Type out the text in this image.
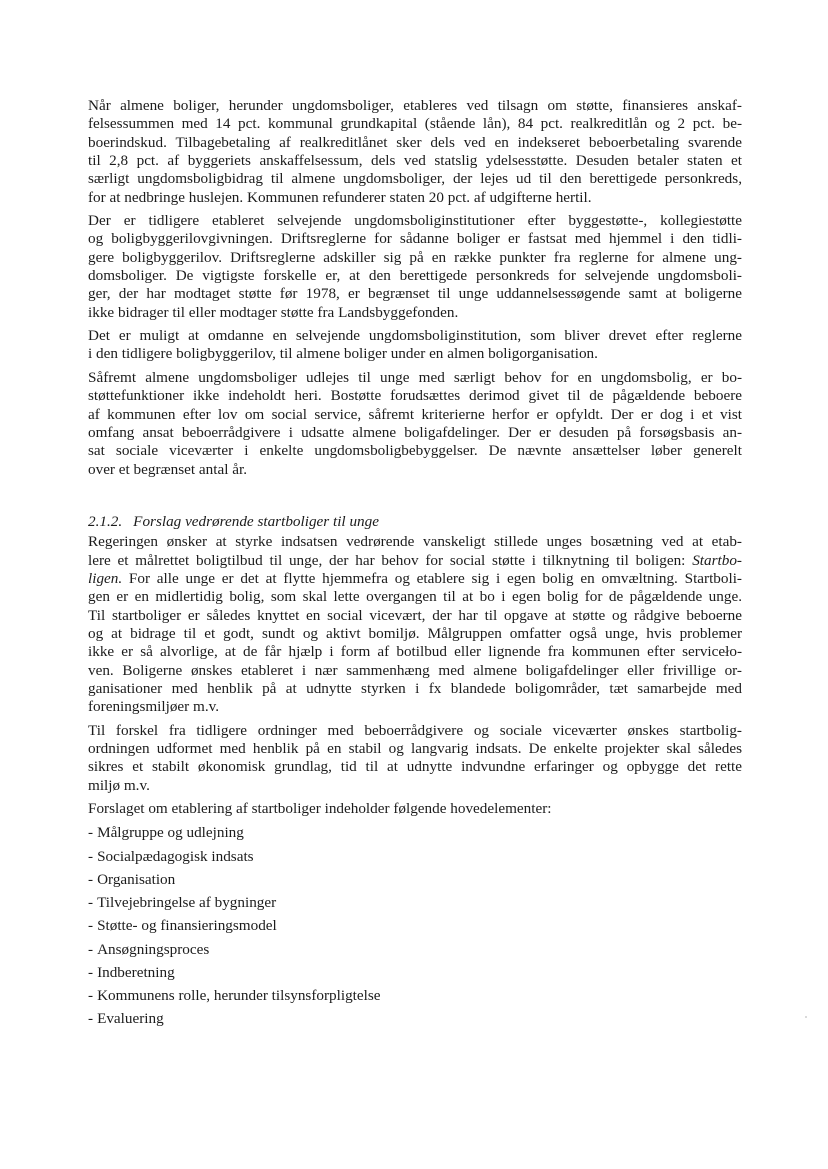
Når almene boliger, herunder ungdomsboliger, etableres ved tilsagn om støtte, finansieres anskaf-
felsessummen med 14 pct. kommunal grundkapital (stående lån), 84 pct. realkreditlån og 2 pct. be-
boerindskud. Tilbagebetaling af realkreditlånet sker dels ved en indekseret beboerbetaling svarende
til 2,8 pct. af byggeriets anskaffelsessum, dels ved statslig ydelsesstøtte. Desuden betaler staten et
særligt ungdomsboligbidrag til almene ungdomsboliger, der lejes ud til den berettigede personkreds,
for at nedbringe huslejen. Kommunen refunderer staten 20 pct. af udgifterne hertil.
Der er tidligere etableret selvejende ungdomsboliginstitutioner efter byggestøtte-, kollegiestøtte
og boligbyggerilovgivningen. Driftsreglerne for sådanne boliger er fastsat med hjemmel i den tidli-
gere boligbyggerilov. Driftsreglerne adskiller sig på en række punkter fra reglerne for almene ung-
domsboliger. De vigtigste forskelle er, at den berettigede personkreds for selvejende ungdomsboli-
ger, der har modtaget støtte før 1978, er begrænset til unge uddannelsessøgende samt at boligerne
ikke bidrager til eller modtager støtte fra Landsbyggefonden.
Det er muligt at omdanne en selvejende ungdomsboliginstitution, som bliver drevet efter reglerne
i den tidligere boligbyggerilov, til almene boliger under en almen boligorganisation.
Såfremt almene ungdomsboliger udlejes til unge med særligt behov for en ungdomsbolig, er bo-
støttefunktioner ikke indeholdt heri. Bostøtte forudsættes derimod givet til de pågældende beboere
af kommunen efter lov om social service, såfremt kriterierne herfor er opfyldt. Der er dog i et vist
omfang ansat beboerrådgivere i udsatte almene boligafdelinger. Der er desuden på forsøgsbasis an-
sat sociale viceværter i enkelte ungdomsboligbebyggelser. De nævnte ansættelser løber generelt
over et begrænset antal år.
2.1.2. Forslag vedrørende startboliger til unge
Regeringen ønsker at styrke indsatsen vedrørende vanskeligt stillede unges bosætning ved at etab-
lere et målrettet boligtilbud til unge, der har behov for social støtte i tilknytning til boligen: Startbo-
ligen. For alle unge er det at flytte hjemmefra og etablere sig i egen bolig en omvæltning. Startboli-
gen er en midlertidig bolig, som skal lette overgangen til at bo i egen bolig for de pågældende unge.
Til startboliger er således knyttet en social vicevært, der har til opgave at støtte og rådgive beboerne
og at bidrage til et godt, sundt og aktivt bomiljø. Målgruppen omfatter også unge, hvis problemer
ikke er så alvorlige, at de får hjælp i form af botilbud eller lignende fra kommunen efter serviceło-
ven. Boligerne ønskes etableret i nær sammenhæng med almene boligafdelinger eller frivillige or-
ganisationer med henblik på at udnytte styrken i fx blandede boligområder, tæt samarbejde med
foreningsmiljøer m.v.
Til forskel fra tidligere ordninger med beboerrådgivere og sociale viceværter ønskes startbolig-
ordningen udformet med henblik på en stabil og langvarig indsats. De enkelte projekter skal således
sikres et stabilt økonomisk grundlag, tid til at udnytte indvundne erfaringer og opbygge det rette
miljø m.v.
Forslaget om etablering af startboliger indeholder følgende hovedelementer:
- Målgruppe og udlejning
- Socialpædagogisk indsats
- Organisation
- Tilvejebringelse af bygninger
- Støtte- og finansieringsmodel
- Ansøgningsproces
- Indberetning
- Kommunens rolle, herunder tilsynsforpligtelse
- Evaluering
